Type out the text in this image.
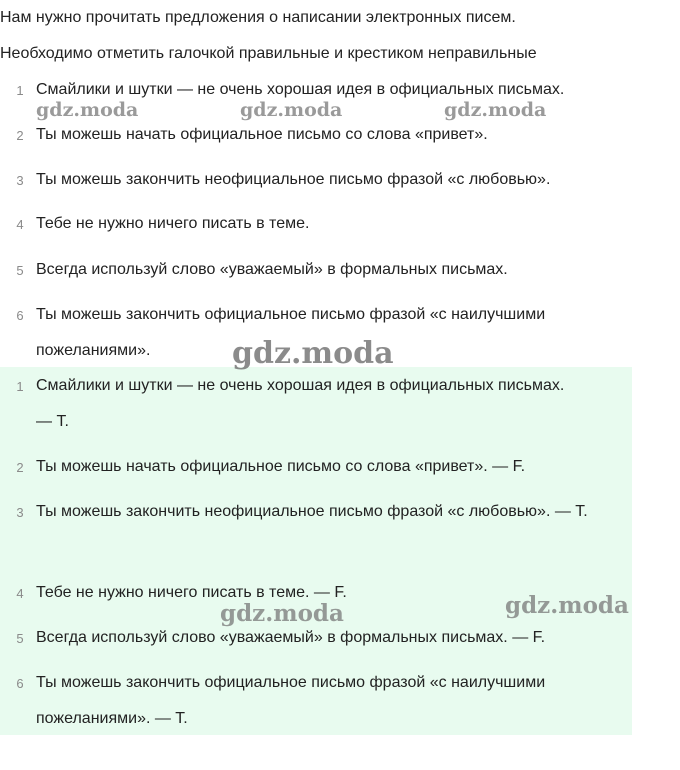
Нам нужно прочитать предложения о написании электронных писем.
Необходимо отметить галочкой правильные и крестиком неправильные
1 Смайлики и шутки — не очень хорошая идея в официальных письмах.
2 Ты можешь начать официальное письмо со слова «привет».
3 Ты можешь закончить неофициальное письмо фразой «с любовью».
4 Тебе не нужно ничего писать в теме.
5 Всегда используй слово «уважаемый» в формальных письмах.
6 Ты можешь закончить официальное письмо фразой «с наилучшими пожеланиями».
1 Смайлики и шутки — не очень хорошая идея в официальных письмах. — T.
2 Ты можешь начать официальное письмо со слова «привет». — F.
3 Ты можешь закончить неофициальное письмо фразой «с любовью». — T.
4 Тебе не нужно ничего писать в теме. — F.
5 Всегда используй слово «уважаемый» в формальных письмах. — F.
6 Ты можешь закончить официальное письмо фразой «с наилучшими пожеланиями». — T.
gdz.moda	gdz.moda	gdz.moda
gdz.moda
gdz.moda	gdz.moda
